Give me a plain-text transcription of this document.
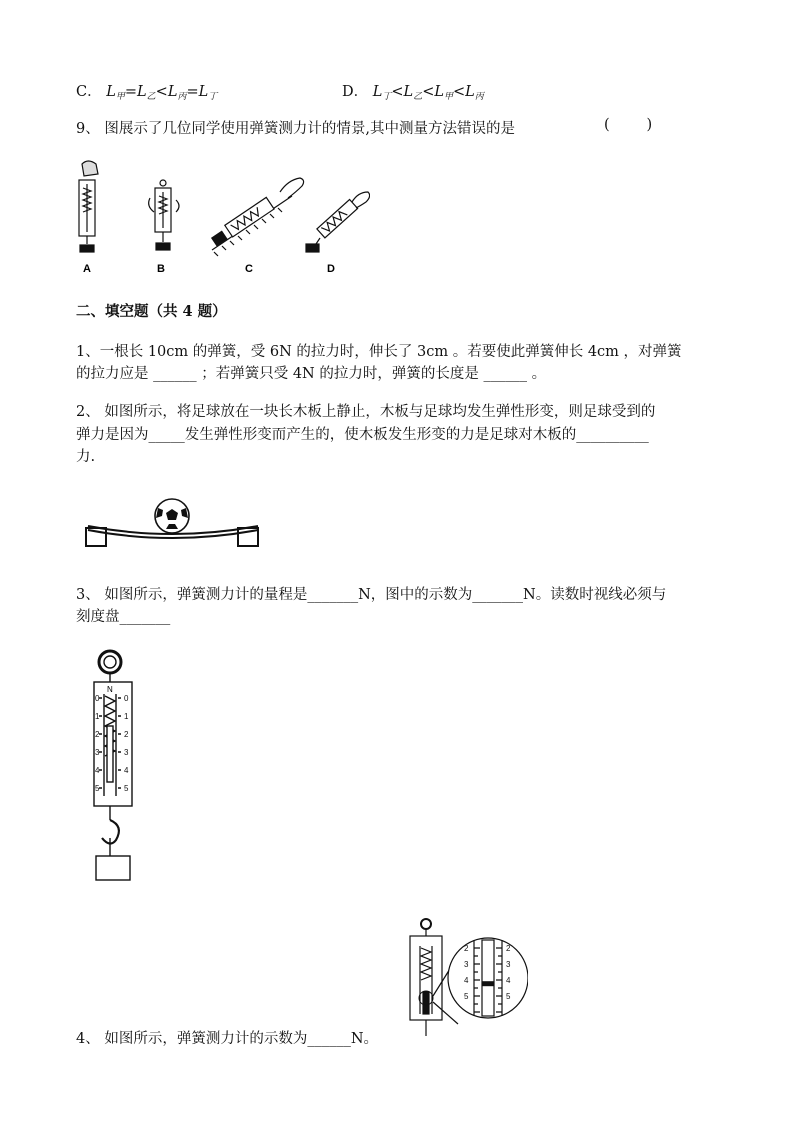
C． $L_甲=L_乙<L_丙=L_丁$	D． $L_丁<L_乙<L_甲<L_丙$
9、 图展示了几位同学使用弹簧测力计的情景,其中测量方法错误的是	(        )
A	B	C	D
二、填空题（共 4 题）
1、一根长 10cm 的弹簧，受 6N 的拉力时，伸长了 3cm 。若要使此弹簧伸长 4cm ，对弹簧
的拉力应是 ______ ；若弹簧只受 4N 的拉力时，弹簧的长度是 ______ 。
2、 如图所示，将足球放在一块长木板上静止，木板与足球均发生弹性形变，则足球受到的
弹力是因为_____发生弹性形变而产生的，使木板发生形变的力是足球对木板的__________
力.
3、 如图所示，弹簧测力计的量程是_______N，图中的示数为_______N。读数时视线必须与
刻度盘_______
N
0
1
2
3
4
5
0
1
2
3
4
5
2
3
4
5
2
3
4
5
4、 如图所示，弹簧测力计的示数为______N。
